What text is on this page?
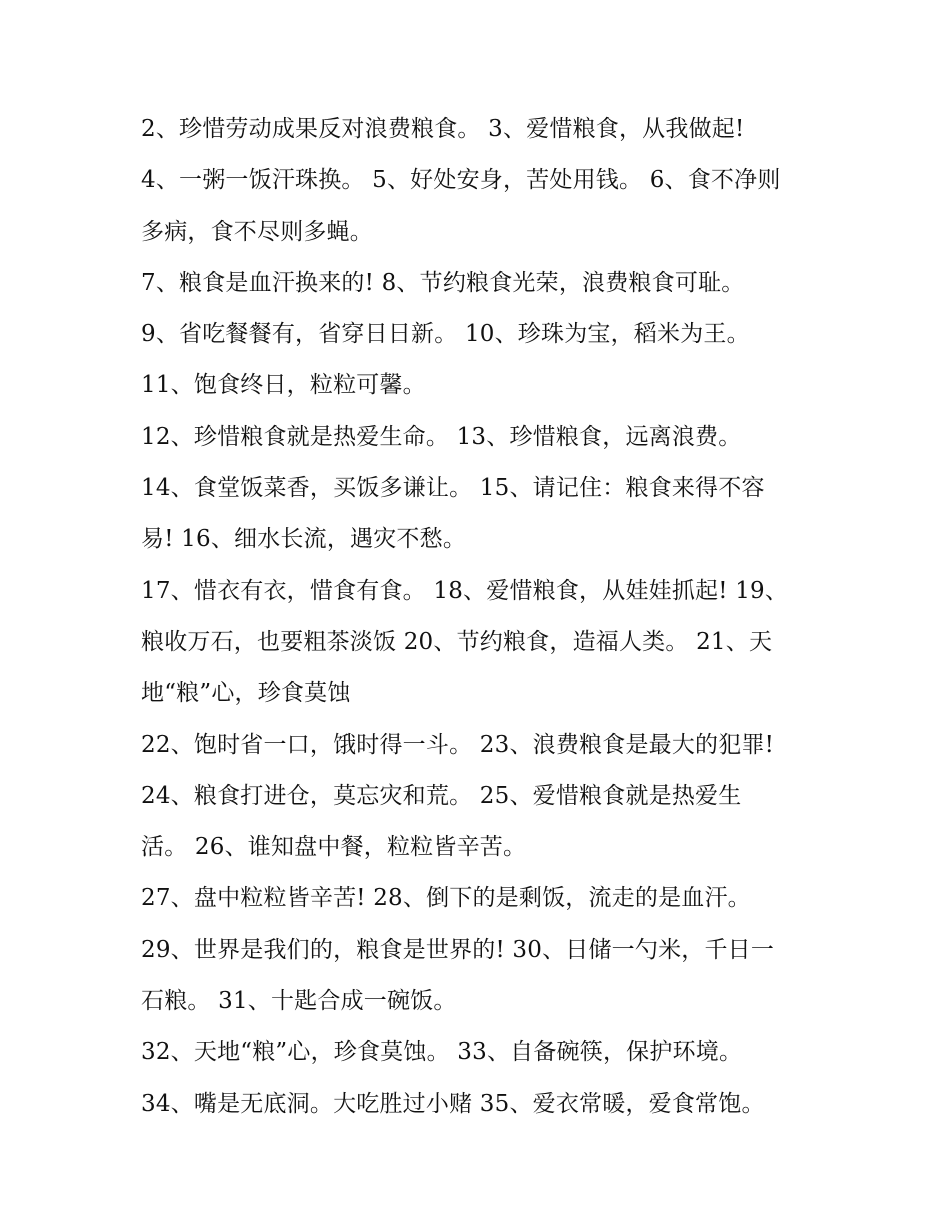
2、珍惜劳动成果反对浪费粮食。 3、爱惜粮食，从我做起!
4、一粥一饭汗珠换。 5、好处安身，苦处用钱。 6、食不净则
多病，食不尽则多蝇。
7、粮食是血汗换来的! 8、节约粮食光荣，浪费粮食可耻。
9、省吃餐餐有，省穿日日新。 10、珍珠为宝，稻米为王。
11、饱食终日，粒粒可馨。
12、珍惜粮食就是热爱生命。 13、珍惜粮食，远离浪费。
14、食堂饭菜香，买饭多谦让。 15、请记住：粮食来得不容
易! 16、细水长流，遇灾不愁。
17、惜衣有衣，惜食有食。 18、爱惜粮食，从娃娃抓起! 19、
粮收万石，也要粗茶淡饭 20、节约粮食，造福人类。 21、天
地“粮”心，珍食莫蚀
22、饱时省一口，饿时得一斗。 23、浪费粮食是最大的犯罪!
24、粮食打进仓，莫忘灾和荒。 25、爱惜粮食就是热爱生
活。 26、谁知盘中餐，粒粒皆辛苦。
27、盘中粒粒皆辛苦! 28、倒下的是剩饭，流走的是血汗。
29、世界是我们的，粮食是世界的! 30、日储一勺米，千日一
石粮。 31、十匙合成一碗饭。
32、天地“粮”心，珍食莫蚀。 33、自备碗筷，保护环境。
34、嘴是无底洞。大吃胜过小赌 35、爱衣常暖，爱食常饱。
